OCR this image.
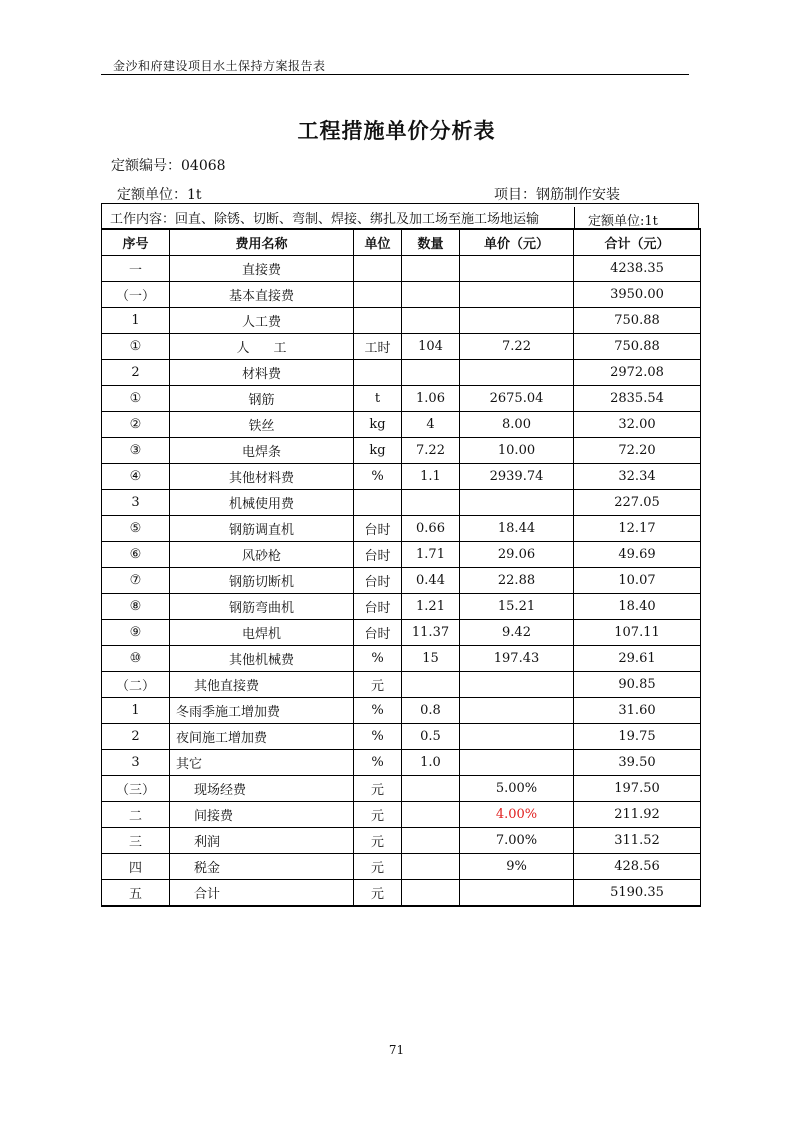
金沙和府建设项目水土保持方案报告表
工程措施单价分析表
定额编号：04068
定额单位：1t	项目：钢筋制作安装
工作内容：回直、除锈、切断、弯制、焊接、绑扎及加工场至施工场地运输	定额单位:1t
序号	费用名称	单位	数量	单价（元）	合计（元）
一	直接费				4238.35
（一）	基本直接费				3950.00
1	人工费				750.88
①	人工	工时	104	7.22	750.88
2	材料费				2972.08
①	钢筋	t	1.06	2675.04	2835.54
②	铁丝	kg	4	8.00	32.00
③	电焊条	kg	7.22	10.00	72.20
④	其他材料费	%	1.1	2939.74	32.34
3	机械使用费				227.05
⑤	钢筋调直机	台时	0.66	18.44	12.17
⑥	风砂枪	台时	1.71	29.06	49.69
⑦	钢筋切断机	台时	0.44	22.88	10.07
⑧	钢筋弯曲机	台时	1.21	15.21	18.40
⑨	电焊机	台时	11.37	9.42	107.11
⑩	其他机械费	%	15	197.43	29.61
（二）	其他直接费	元			90.85
1	冬雨季施工增加费	%	0.8		31.60
2	夜间施工增加费	%	0.5		19.75
3	其它	%	1.0		39.50
（三）	现场经费	元		5.00%	197.50
二	间接费	元		4.00%	211.92
三	利润	元		7.00%	311.52
四	税金	元		9%	428.56
五	合计	元			5190.35
71
